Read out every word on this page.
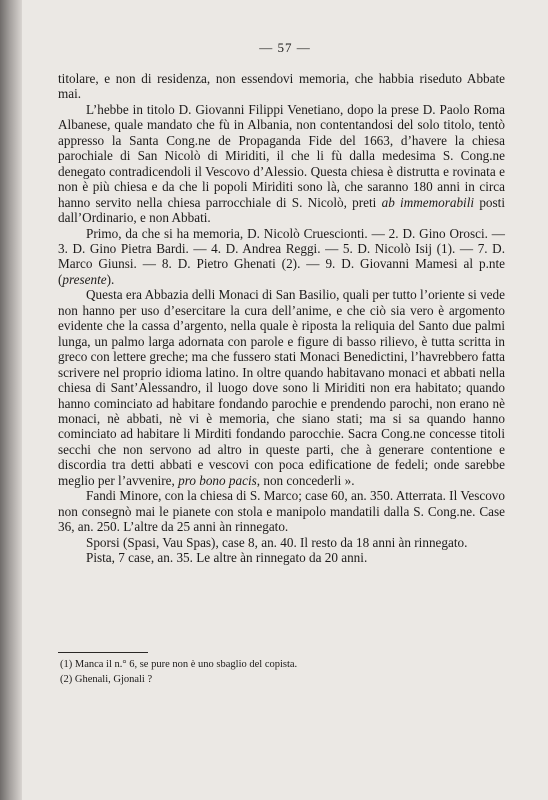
— 57 —

titolare, e non di residenza, non essendovi memoria, che habbia riseduto Abbate mai.

L’hebbe in titolo D. Giovanni Filippi Venetiano, dopo la prese D. Paolo Roma Albanese, quale mandato che fù in Albania, non contentandosi del solo titolo, tentò appresso la Santa Cong.ne de Propaganda Fide del 1663, d’havere la chiesa parochiale di San Nicolò di Miriditi, il che li fù dalla medesima S. Cong.ne denegato contradicendoli il Vescovo d’Alessio. Questa chiesa è distrutta e rovinata e non è più chiesa e da che li popoli Miriditi sono là, che saranno 180 anni in circa hanno servito nella chiesa parrocchiale di S. Nicolò, preti ab immemorabili posti dall’Ordinario, e non Abbati.

Primo, da che si ha memoria, D. Nicolò Cruescionti. — 2. D. Gino Orosci. — 3. D. Gino Pietra Bardi. — 4. D. Andrea Reggi. — 5. D. Nicolò Isij (1). — 7. D. Marco Giunsi. — 8. D. Pietro Ghenati (2). — 9. D. Giovanni Mamesi al p.nte (presente).

Questa era Abbazia delli Monaci di San Basilio, quali per tutto l’oriente si vede non hanno per uso d’esercitare la cura dell’anime, e che ciò sia vero è argomento evidente che la cassa d’argento, nella quale è riposta la reliquia del Santo due palmi lunga, un palmo larga adornata con parole e figure di basso rilievo, è tutta scritta in greco con lettere greche; ma che fussero stati Monaci Benedictini, l’havrebbero fatta scrivere nel proprio idioma latino. In oltre quando habitavano monaci et abbati nella chiesa di Sant’Alessandro, il luogo dove sono li Miriditi non era habitato; quando hanno cominciato ad habitare fondando parochie e prendendo parochi, non erano nè monaci, nè abbati, nè vi è memoria, che siano stati; ma si sa quando hanno cominciato ad habitare li Mirditi fondando parocchie. Sacra Cong.ne concesse titoli secchi che non servono ad altro in queste parti, che à generare contentione e discordia tra detti abbati e vescovi con poca edificatione de fedeli; onde sarebbe meglio per l’avvenire, pro bono pacis, non concederli ».

Fandi Minore, con la chiesa di S. Marco; case 60, an. 350. Atterrata. Il Vescovo non consegnò mai le pianete con stola e manipolo mandatili dalla S. Cong.ne. Case 36, an. 250. L’altre da 25 anni àn rinnegato.

Sporsi (Spasi, Vau Spas), case 8, an. 40. Il resto da 18 anni àn rinnegato.

Pista, 7 case, an. 35. Le altre àn rinnegato da 20 anni.

(1) Manca il n.° 6, se pure non è uno sbaglio del copista.

(2) Ghenali, Gjonali ?
